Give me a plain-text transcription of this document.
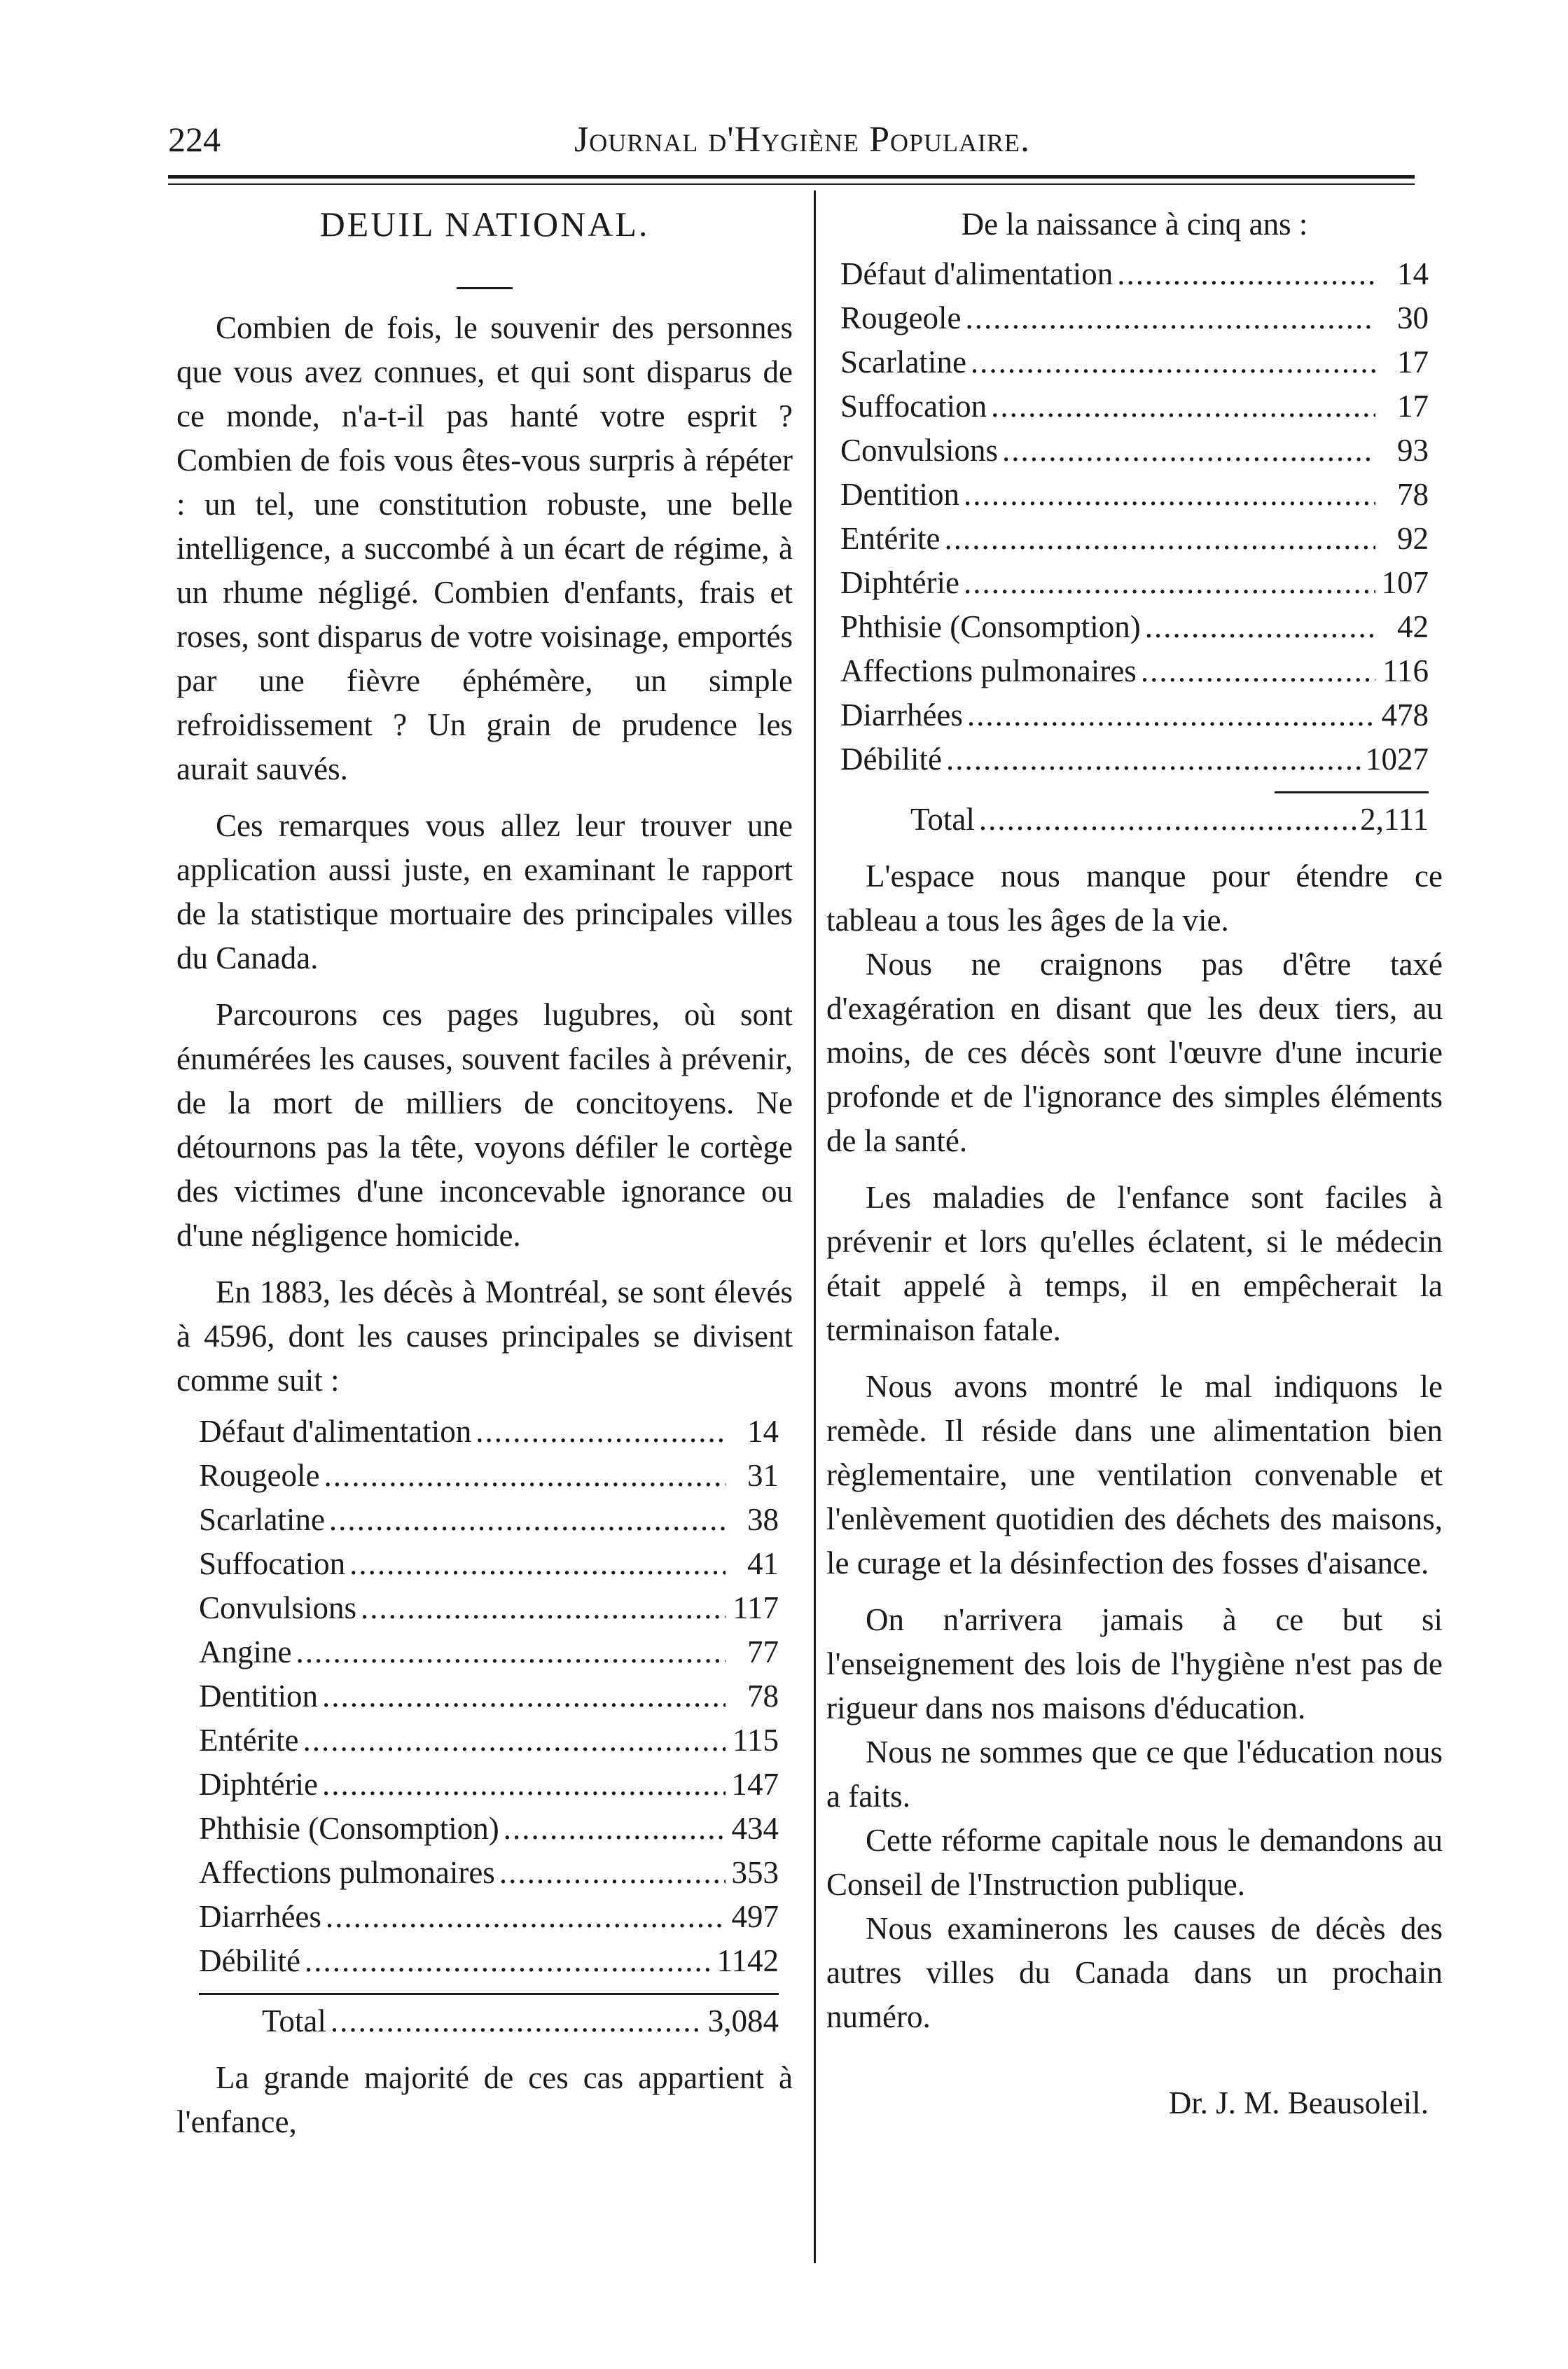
224	Journal d'Hygiène Populaire.
DEUIL NATIONAL.

Combien de fois, le souvenir des personnes que vous avez connues, et qui sont disparus de ce monde, n'a-t-il pas hanté votre esprit ? Combien de fois vous êtes-vous surpris à répéter : un tel, une constitution robuste, une belle intelligence, a succombé à un écart de régime, à un rhume négligé. Combien d'enfants, frais et roses, sont disparus de votre voisinage, emportés par une fièvre éphémère, un simple refroidissement ? Un grain de prudence les aurait sauvés.

Ces remarques vous allez leur trouver une application aussi juste, en examinant le rapport de la statistique mortuaire des principales villes du Canada.

Parcourons ces pages lugubres, où sont énumérées les causes, souvent faciles à prévenir, de la mort de milliers de concitoyens. Ne détournons pas la tête, voyons défiler le cortège des victimes d'une inconcevable ignorance ou d'une négligence homicide.

En 1883, les décès à Montréal, se sont élevés à 4596, dont les causes principales se divisent comme suit :

Défaut d'alimentation .....	14
Rougeole .....	31
Scarlatine .....	38
Suffocation .....	41
Convulsions .....	117
Angine .....	77
Dentition .....	78
Entérite .....	115
Diphtérie .....	147
Phthisie (Consomption) .....	434
Affections pulmonaires .....	353
Diarrhées .....	497
Débilité .....	1142
Total .....	3,084

La grande majorité de ces cas appartient à l'enfance,

De la naissance à cinq ans :
Défaut d'alimentation .....	14
Rougeole .....	30
Scarlatine .....	17
Suffocation .....	17
Convulsions .....	93
Dentition .....	78
Entérite .....	92
Diphtérie .....	107
Phthisie (Consomption) .....	42
Affections pulmonaires .....	116
Diarrhées .....	478
Débilité .....	1027
Total .....	2,111

L'espace nous manque pour étendre ce tableau a tous les âges de la vie.

Nous ne craignons pas d'être taxé d'exagération en disant que les deux tiers, au moins, de ces décès sont l'œuvre d'une incurie profonde et de l'ignorance des simples éléments de la santé.

Les maladies de l'enfance sont faciles à prévenir et lors qu'elles éclatent, si le médecin était appelé à temps, il en empêcherait la terminaison fatale.

Nous avons montré le mal indiquons le remède. Il réside dans une alimentation bien règlementaire, une ventilation convenable et l'enlèvement quotidien des déchets des maisons, le curage et la désinfection des fosses d'aisance.

On n'arrivera jamais à ce but si l'enseignement des lois de l'hygiène n'est pas de rigueur dans nos maisons d'éducation.

Nous ne sommes que ce que l'éducation nous a faits.

Cette réforme capitale nous le demandons au Conseil de l'Instruction publique.

Nous examinerons les causes de décès des autres villes du Canada dans un prochain numéro.

Dr. J. M. Beausoleil.
